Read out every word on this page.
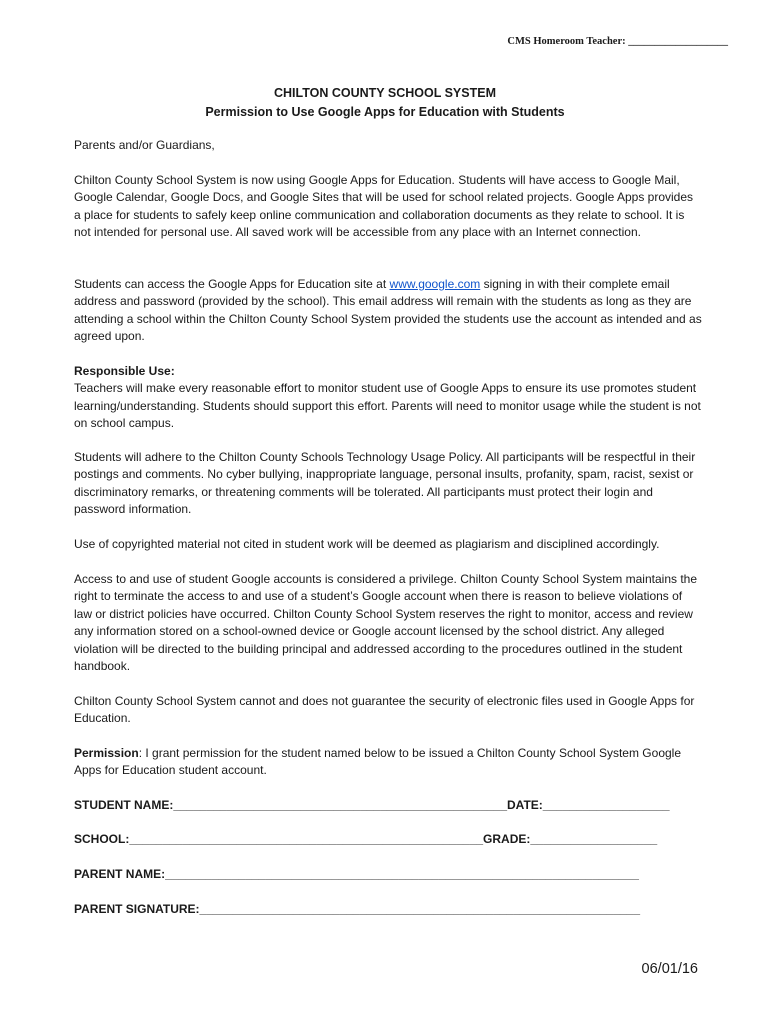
CMS Homeroom Teacher: ___________________
CHILTON COUNTY SCHOOL SYSTEM
Permission to Use Google Apps for Education with Students

Parents and/or Guardians,

Chilton County School System is now using Google Apps for Education. Students will have access to Google Mail, Google Calendar, Google Docs, and Google Sites that will be used for school related projects. Google Apps provides a place for students to safely keep online communication and collaboration documents as they relate to school. It is not intended for personal use. All saved work will be accessible from any place with an Internet connection.

Students can access the Google Apps for Education site at www.google.com signing in with their complete email address and password (provided by the school). This email address will remain with the students as long as they are attending a school within the Chilton County School System provided the students use the account as intended and as agreed upon.

Responsible Use:

Teachers will make every reasonable effort to monitor student use of Google Apps to ensure its use promotes student learning/understanding. Students should support this effort. Parents will need to monitor usage while the student is not on school campus.

Students will adhere to the Chilton County Schools Technology Usage Policy. All participants will be respectful in their postings and comments. No cyber bullying, inappropriate language, personal insults, profanity, spam, racist, sexist or discriminatory remarks, or threatening comments will be tolerated. All participants must protect their login and password information.

Use of copyrighted material not cited in student work will be deemed as plagiarism and disciplined accordingly.

Access to and use of student Google accounts is considered a privilege. Chilton County School System maintains the right to terminate the access to and use of a student’s Google account when there is reason to believe violations of law or district policies have occurred. Chilton County School System reserves the right to monitor, access and review any information stored on a school-owned device or Google account licensed by the school district. Any alleged violation will be directed to the building principal and addressed according to the procedures outlined in the student handbook.

Chilton County School System cannot and does not guarantee the security of electronic files used in Google Apps for Education.

Permission: I grant permission for the student named below to be issued a Chilton County School System Google Apps for Education student account.

STUDENT NAME:__________________________________________________DATE:___________________
SCHOOL:_____________________________________________________GRADE:___________________
PARENT NAME:_______________________________________________________________________
PARENT SIGNATURE:__________________________________________________________________
06/01/16
